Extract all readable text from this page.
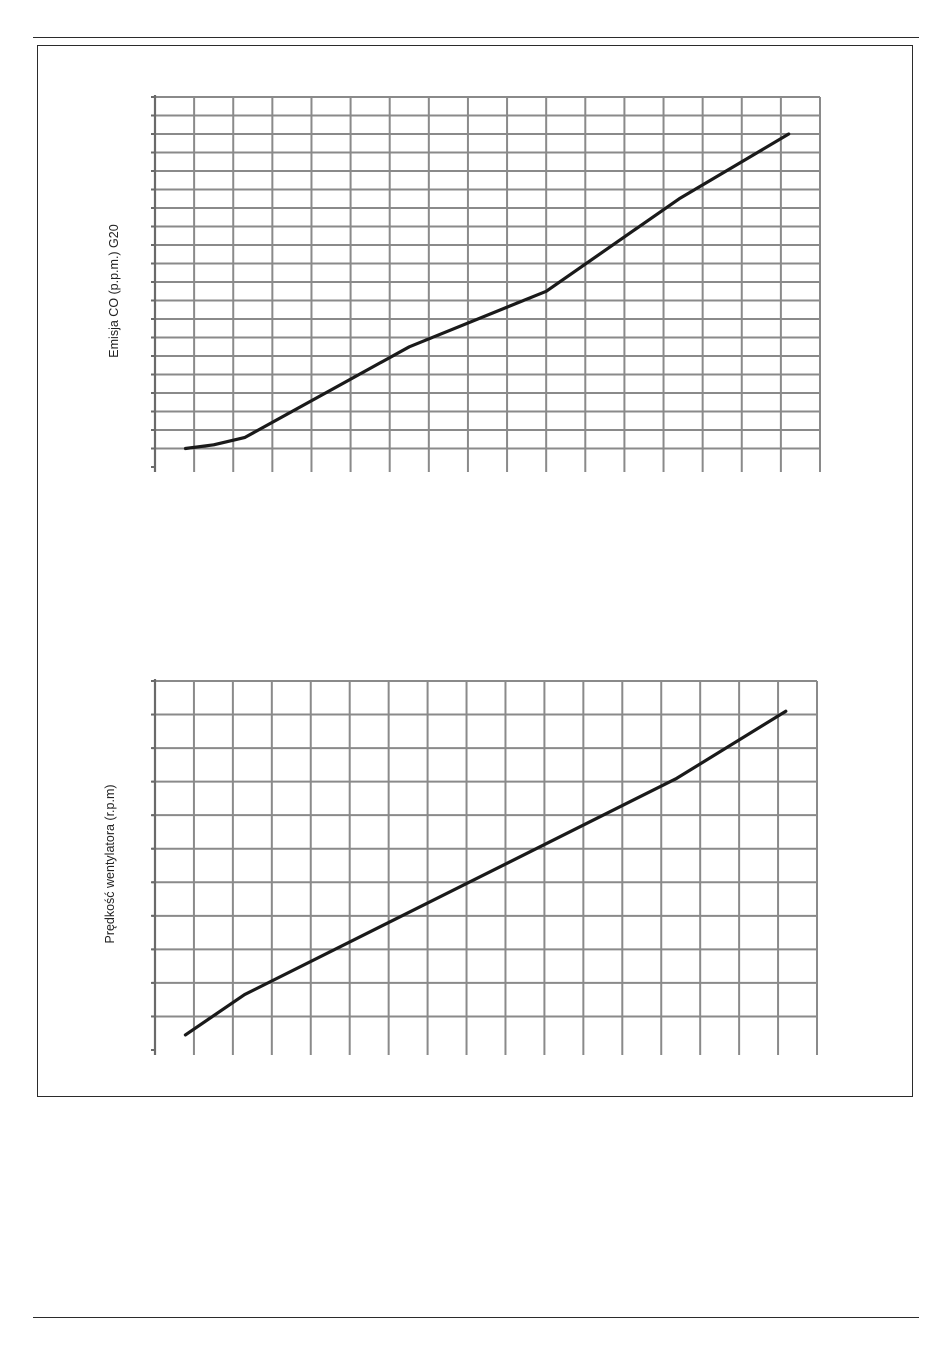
Emisja CO (p.p.m.) G20
Prędkość wentylatora (r.p.m)
